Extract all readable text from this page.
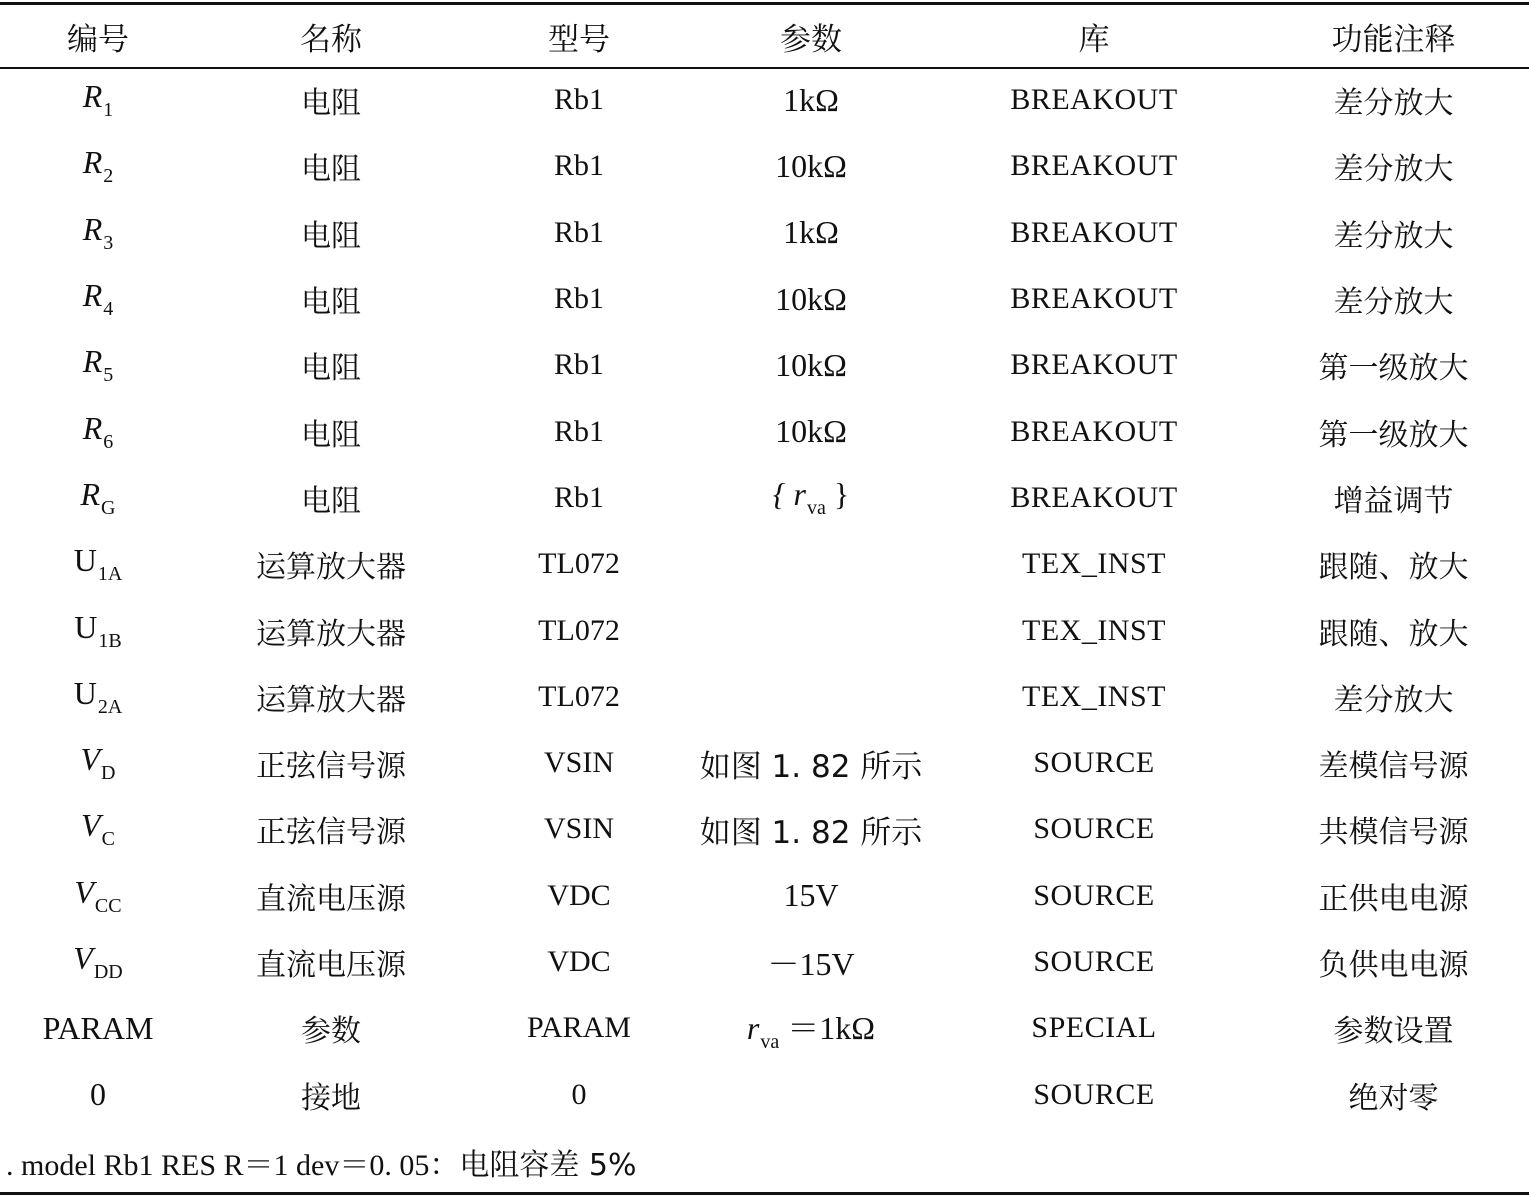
编号	名称	型号	参数	库	功能注释
$R_1$	电阻	Rb1	1kΩ	BREAKOUT	差分放大
$R_2$	电阻	Rb1	10kΩ	BREAKOUT	差分放大
$R_3$	电阻	Rb1	1kΩ	BREAKOUT	差分放大
$R_4$	电阻	Rb1	10kΩ	BREAKOUT	差分放大
$R_5$	电阻	Rb1	10kΩ	BREAKOUT	第一级放大
$R_6$	电阻	Rb1	10kΩ	BREAKOUT	第一级放大
$R_G$	电阻	Rb1	{ $r_{va}$ }	BREAKOUT	增益调节
$U_{1A}$	运算放大器	TL072		TEX_INST	跟随、放大
$U_{1B}$	运算放大器	TL072		TEX_INST	跟随、放大
$U_{2A}$	运算放大器	TL072		TEX_INST	差分放大
$V_D$	正弦信号源	VSIN	如图 1. 82 所示	SOURCE	差模信号源
$V_C$	正弦信号源	VSIN	如图 1. 82 所示	SOURCE	共模信号源
$V_{CC}$	直流电压源	VDC	15V	SOURCE	正供电电源
$V_{DD}$	直流电压源	VDC	－15V	SOURCE	负供电电源
PARAM	参数	PARAM	$r_{va} =1k\Omega$	SPECIAL	参数设置
0	接地	0		SOURCE	绝对零
. model Rb1 RES R＝1 dev＝0. 05：电阻容差 5%
